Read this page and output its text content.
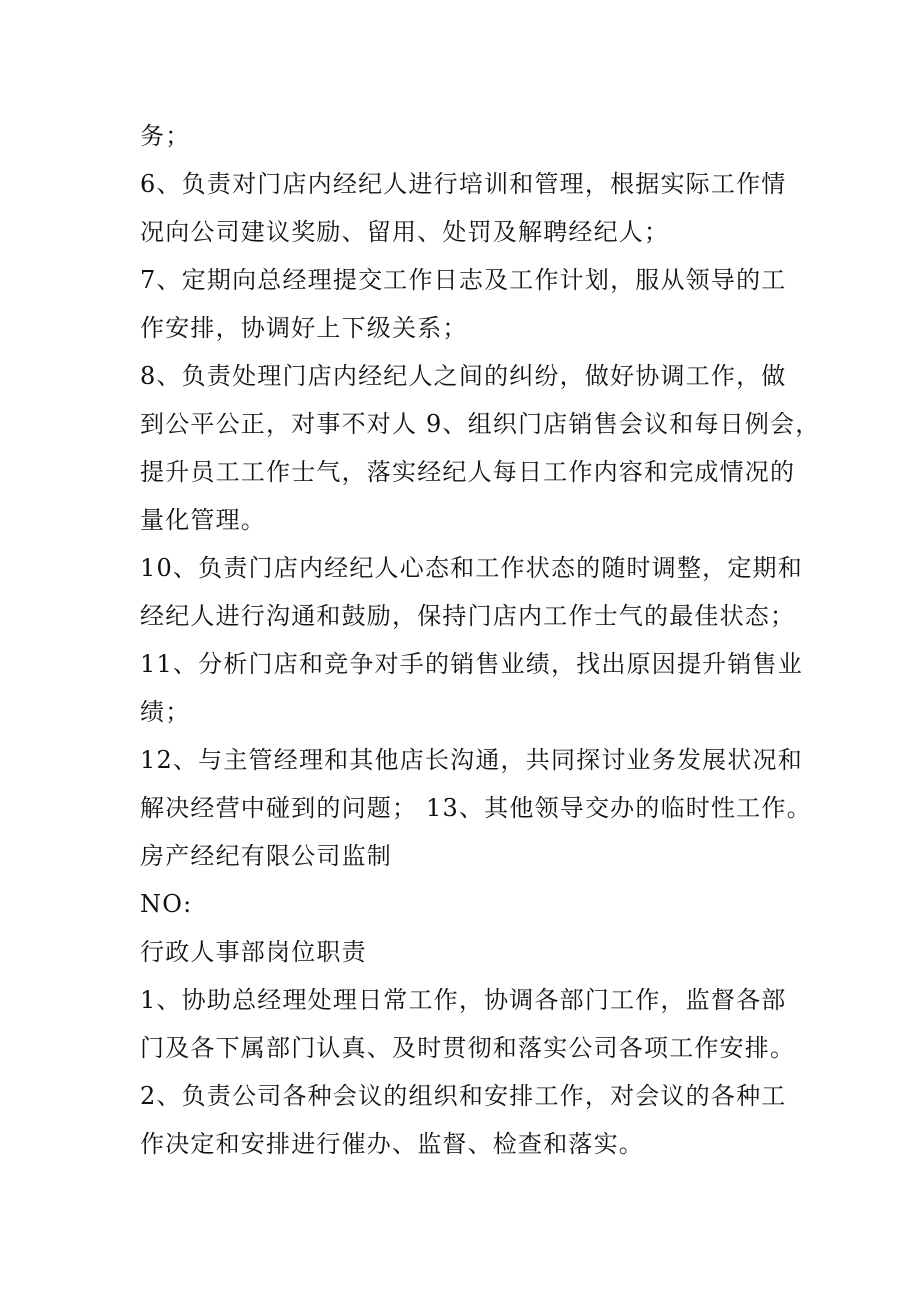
务；
6、负责对门店内经纪人进行培训和管理，根据实际工作情
况向公司建议奖励、留用、处罚及解聘经纪人；
7、定期向总经理提交工作日志及工作计划，服从领导的工
作安排，协调好上下级关系；
8、负责处理门店内经纪人之间的纠纷，做好协调工作，做
到公平公正，对事不对人 9、组织门店销售会议和每日例会，
提升员工工作士气，落实经纪人每日工作内容和完成情况的
量化管理。
10、负责门店内经纪人心态和工作状态的随时调整，定期和
经纪人进行沟通和鼓励，保持门店内工作士气的最佳状态；
11、分析门店和竞争对手的销售业绩，找出原因提升销售业
绩；
12、与主管经理和其他店长沟通，共同探讨业务发展状况和
解决经营中碰到的问题； 13、其他领导交办的临时性工作。
房产经纪有限公司监制
NO:
行政人事部岗位职责
1、协助总经理处理日常工作，协调各部门工作，监督各部
门及各下属部门认真、及时贯彻和落实公司各项工作安排。
2、负责公司各种会议的组织和安排工作，对会议的各种工
作决定和安排进行催办、监督、检查和落实。
